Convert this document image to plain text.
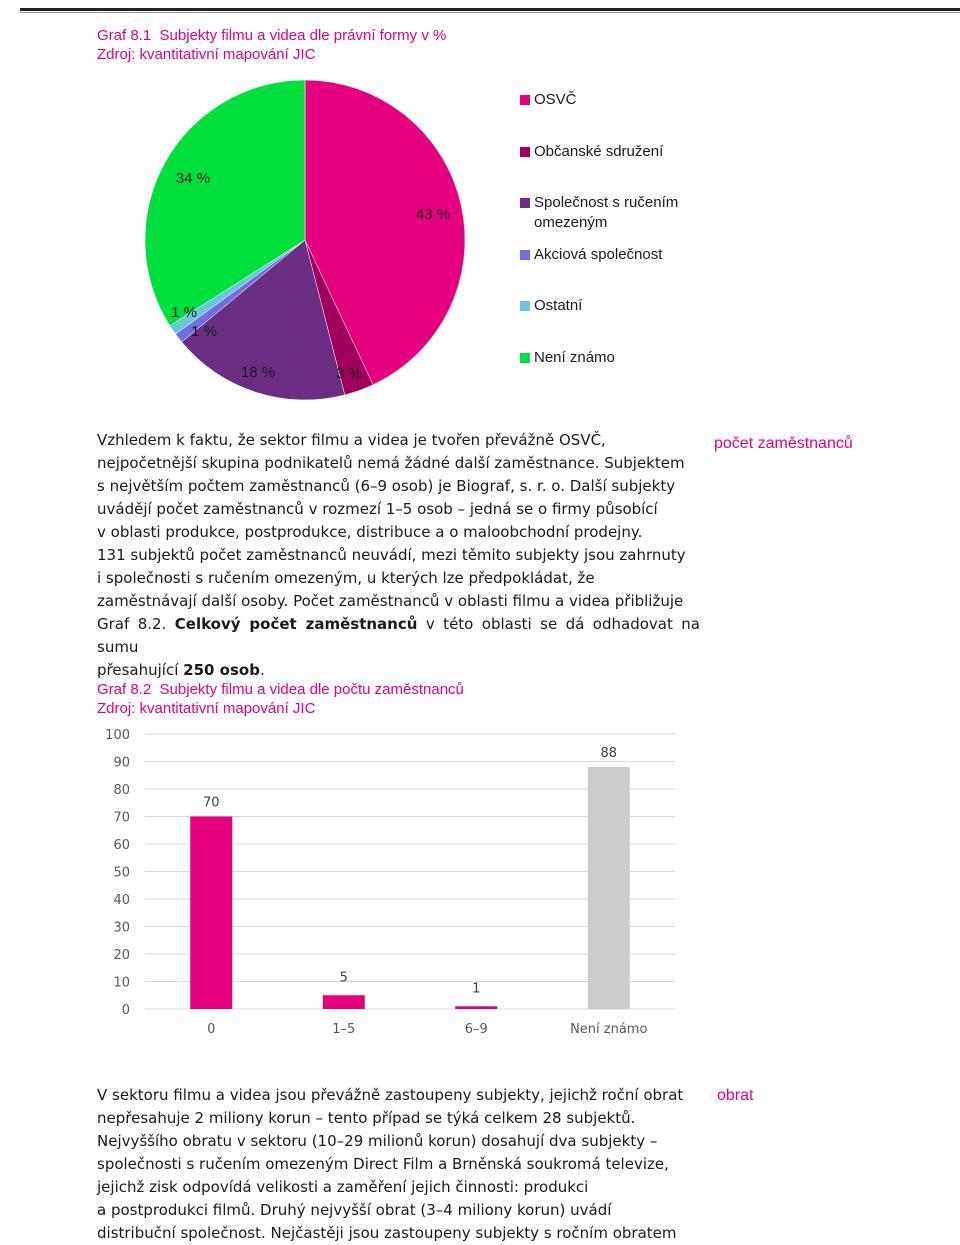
Graf 8.1 Subjekty filmu a videa dle právní formy v %
Zdroj: kvantitativní mapování JIC
43 %
3 %
18 %
1 %
1 %
34 %
OSVČ
Občanské sdružení
Společnost s ručením
omezeným
Akciová společnost
Ostatní
Není známo
Vzhledem k faktu, že sektor filmu a videa je tvořen převážně OSVČ,
nejpočetnější skupina podnikatelů nemá žádné další zaměstnance. Subjektem
s největším počtem zaměstnanců (6–9 osob) je Biograf, s. r. o. Další subjekty
uvádějí počet zaměstnanců v rozmezí 1–5 osob – jedná se o firmy působící
v oblasti produkce, postprodukce, distribuce a o maloobchodní prodejny.
131 subjektů počet zaměstnanců neuvádí, mezi těmito subjekty jsou zahrnuty
i společnosti s ručením omezeným, u kterých lze předpokládat, že
zaměstnávají další osoby. Počet zaměstnanců v oblasti filmu a videa přibližuje
Graf 8.2. Celkový počet zaměstnanců v této oblasti se dá odhadovat na sumu
přesahující 250 osob.
počet zaměstnanců
Graf 8.2 Subjekty filmu a videa dle počtu zaměstnanců
Zdroj: kvantitativní mapování JIC
0
10
20
30
40
50
60
70
80
90
100
70
0
5
1–5
1
6–9
88
Není známo
V sektoru filmu a videa jsou převážně zastoupeny subjekty, jejichž roční obrat
nepřesahuje 2 miliony korun – tento případ se týká celkem 28 subjektů.
Nejvyššího obratu v sektoru (10–29 milionů korun) dosahují dva subjekty –
společnosti s ručením omezeným Direct Film a Brněnská soukromá televize,
jejichž zisk odpovídá velikosti a zaměření jejich činnosti: produkci
a postprodukci filmů. Druhý nejvyšší obrat (3–4 miliony korun) uvádí
distribuční společnost. Nejčastěji jsou zastoupeny subjekty s ročním obratem
obrat
